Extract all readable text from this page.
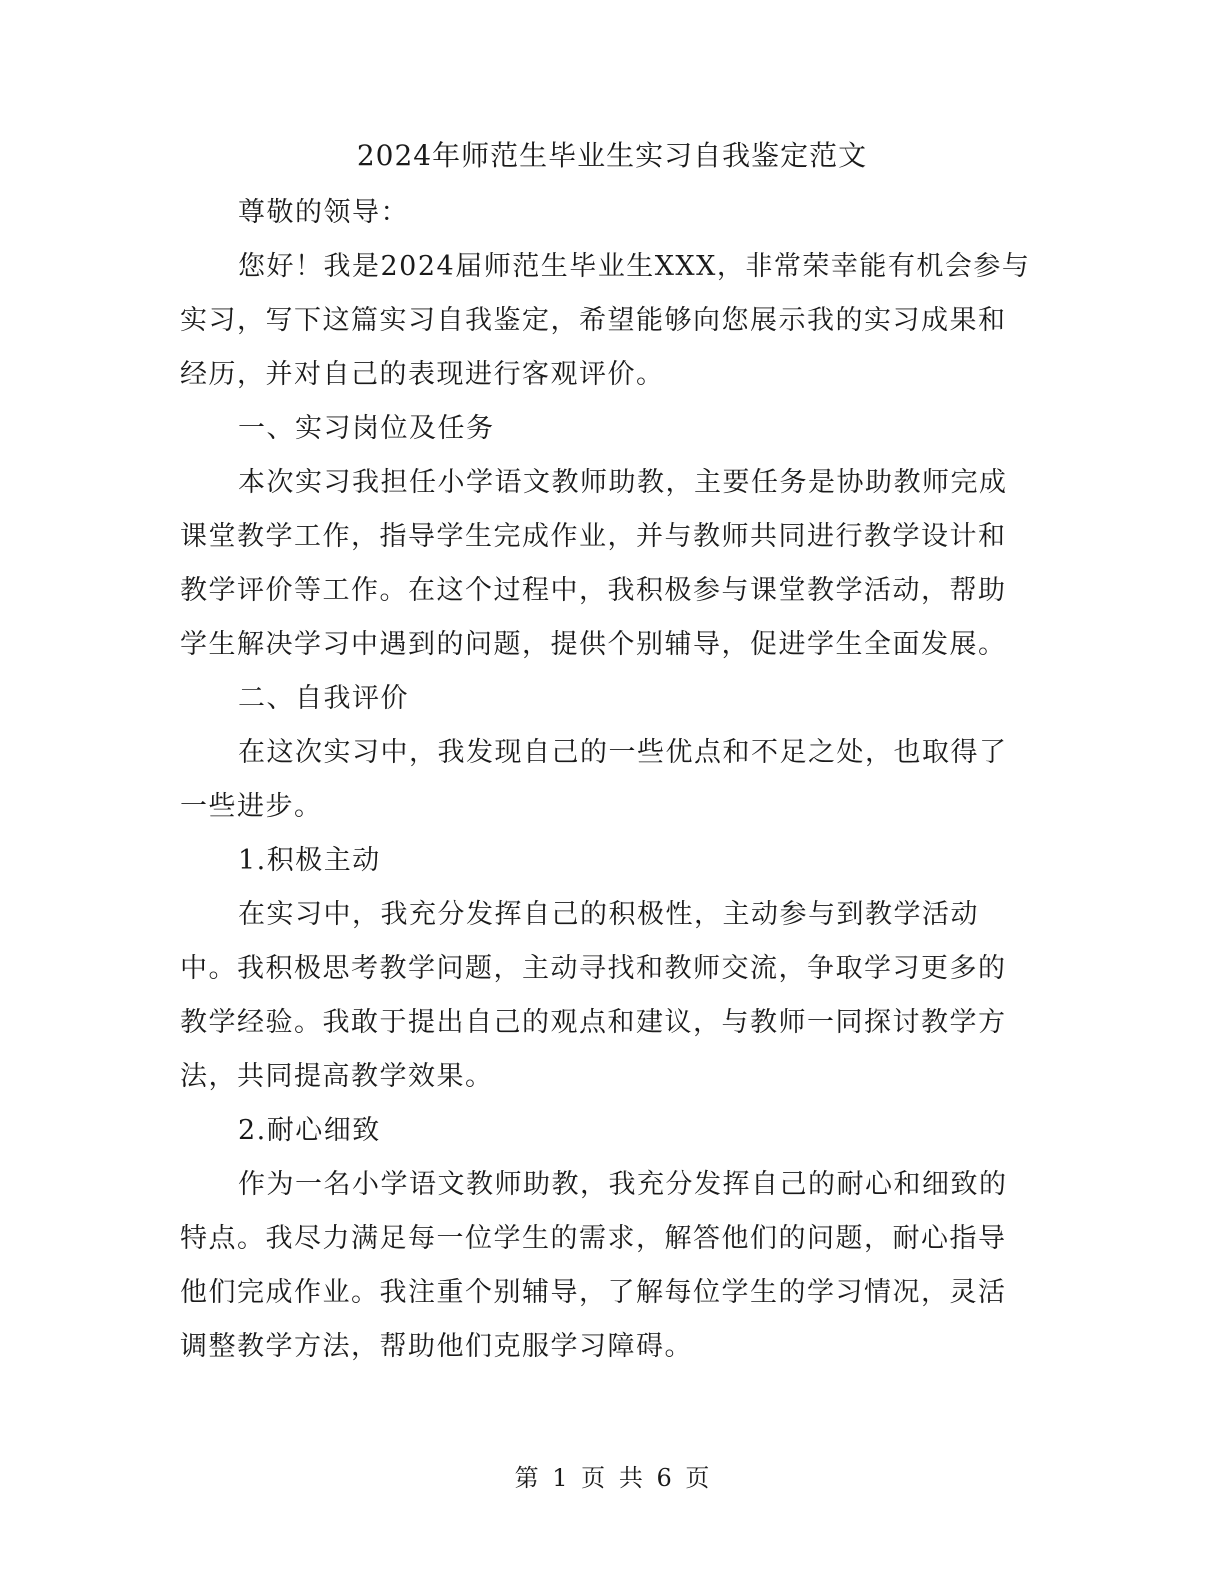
2024年师范生毕业生实习自我鉴定范文

尊敬的领导：

您好！我是2024届师范生毕业生XXX，非常荣幸能有机会参与实习，写下这篇实习自我鉴定，希望能够向您展示我的实习成果和经历，并对自己的表现进行客观评价。

一、实习岗位及任务

本次实习我担任小学语文教师助教，主要任务是协助教师完成课堂教学工作，指导学生完成作业，并与教师共同进行教学设计和教学评价等工作。在这个过程中，我积极参与课堂教学活动，帮助学生解决学习中遇到的问题，提供个别辅导，促进学生全面发展。

二、自我评价

在这次实习中，我发现自己的一些优点和不足之处，也取得了一些进步。

1.积极主动

在实习中，我充分发挥自己的积极性，主动参与到教学活动中。我积极思考教学问题，主动寻找和教师交流，争取学习更多的教学经验。我敢于提出自己的观点和建议，与教师一同探讨教学方法，共同提高教学效果。

2.耐心细致

作为一名小学语文教师助教，我充分发挥自己的耐心和细致的特点。我尽力满足每一位学生的需求，解答他们的问题，耐心指导他们完成作业。我注重个别辅导，了解每位学生的学习情况，灵活调整教学方法，帮助他们克服学习障碍。

第 1 页 共 6 页
